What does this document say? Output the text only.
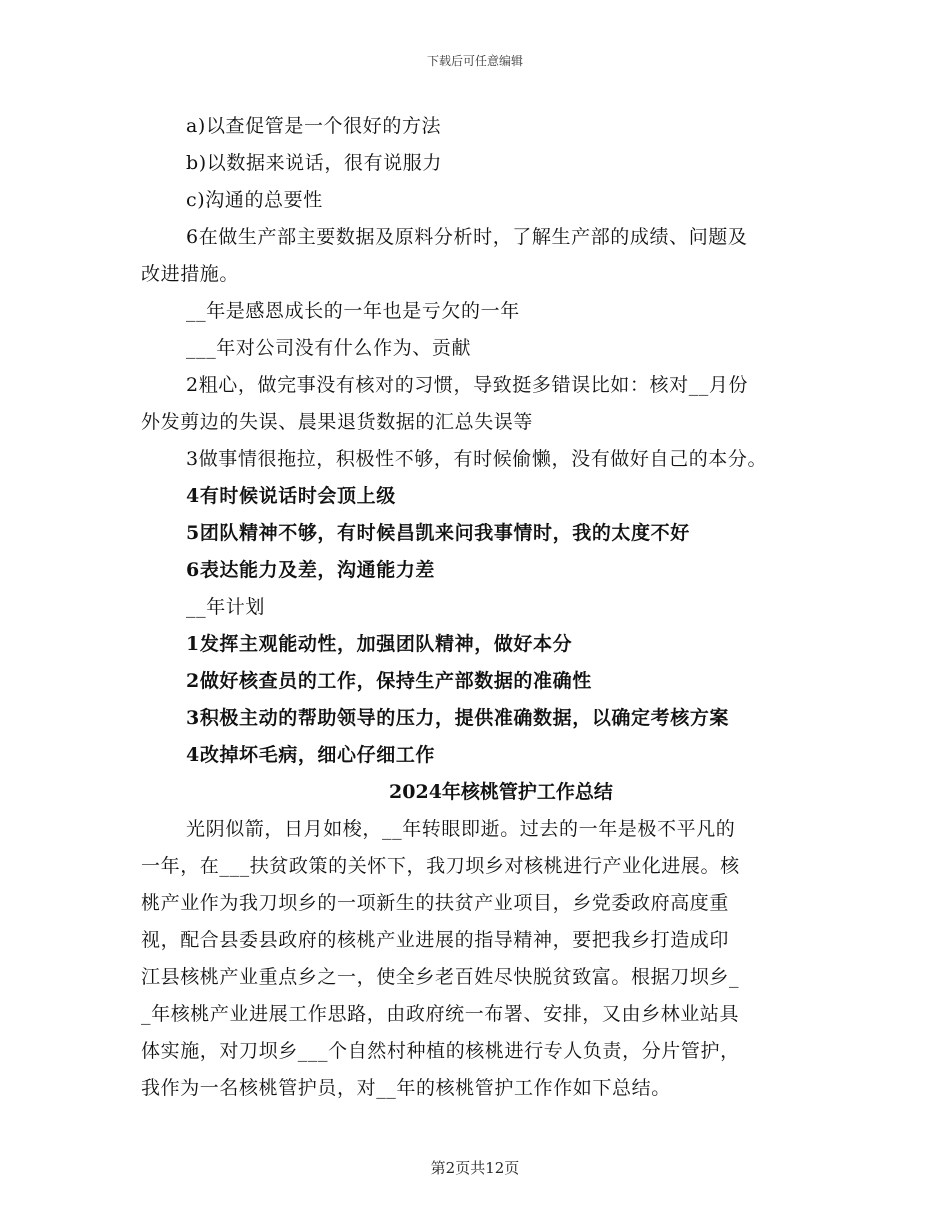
下载后可任意编辑
a)以查促管是一个很好的方法
b)以数据来说话，很有说服力
c)沟通的总要性
6在做生产部主要数据及原料分析时，了解生产部的成绩、问题及
改进措施。
__年是感恩成长的一年也是亏欠的一年
___年对公司没有什么作为、贡献
2粗心，做完事没有核对的习惯，导致挺多错误比如：核对__月份
外发剪边的失误、晨果退货数据的汇总失误等
3做事情很拖拉，积极性不够，有时候偷懒，没有做好自己的本分。
4有时候说话时会顶上级
5团队精神不够，有时候昌凯来问我事情时，我的太度不好
6表达能力及差，沟通能力差
__年计划
1发挥主观能动性，加强团队精神，做好本分
2做好核查员的工作，保持生产部数据的准确性
3积极主动的帮助领导的压力，提供准确数据，以确定考核方案
4改掉坏毛病，细心仔细工作
2024年核桃管护工作总结
光阴似箭，日月如梭，__年转眼即逝。过去的一年是极不平凡的
一年，在___扶贫政策的关怀下，我刀坝乡对核桃进行产业化进展。核
桃产业作为我刀坝乡的一项新生的扶贫产业项目，乡党委政府高度重
视，配合县委县政府的核桃产业进展的指导精神，要把我乡打造成印
江县核桃产业重点乡之一，使全乡老百姓尽快脱贫致富。根据刀坝乡_
_年核桃产业进展工作思路，由政府统一布署、安排，又由乡林业站具
体实施，对刀坝乡___个自然村种植的核桃进行专人负责，分片管护，
我作为一名核桃管护员，对__年的核桃管护工作作如下总结。
第2页共12页
